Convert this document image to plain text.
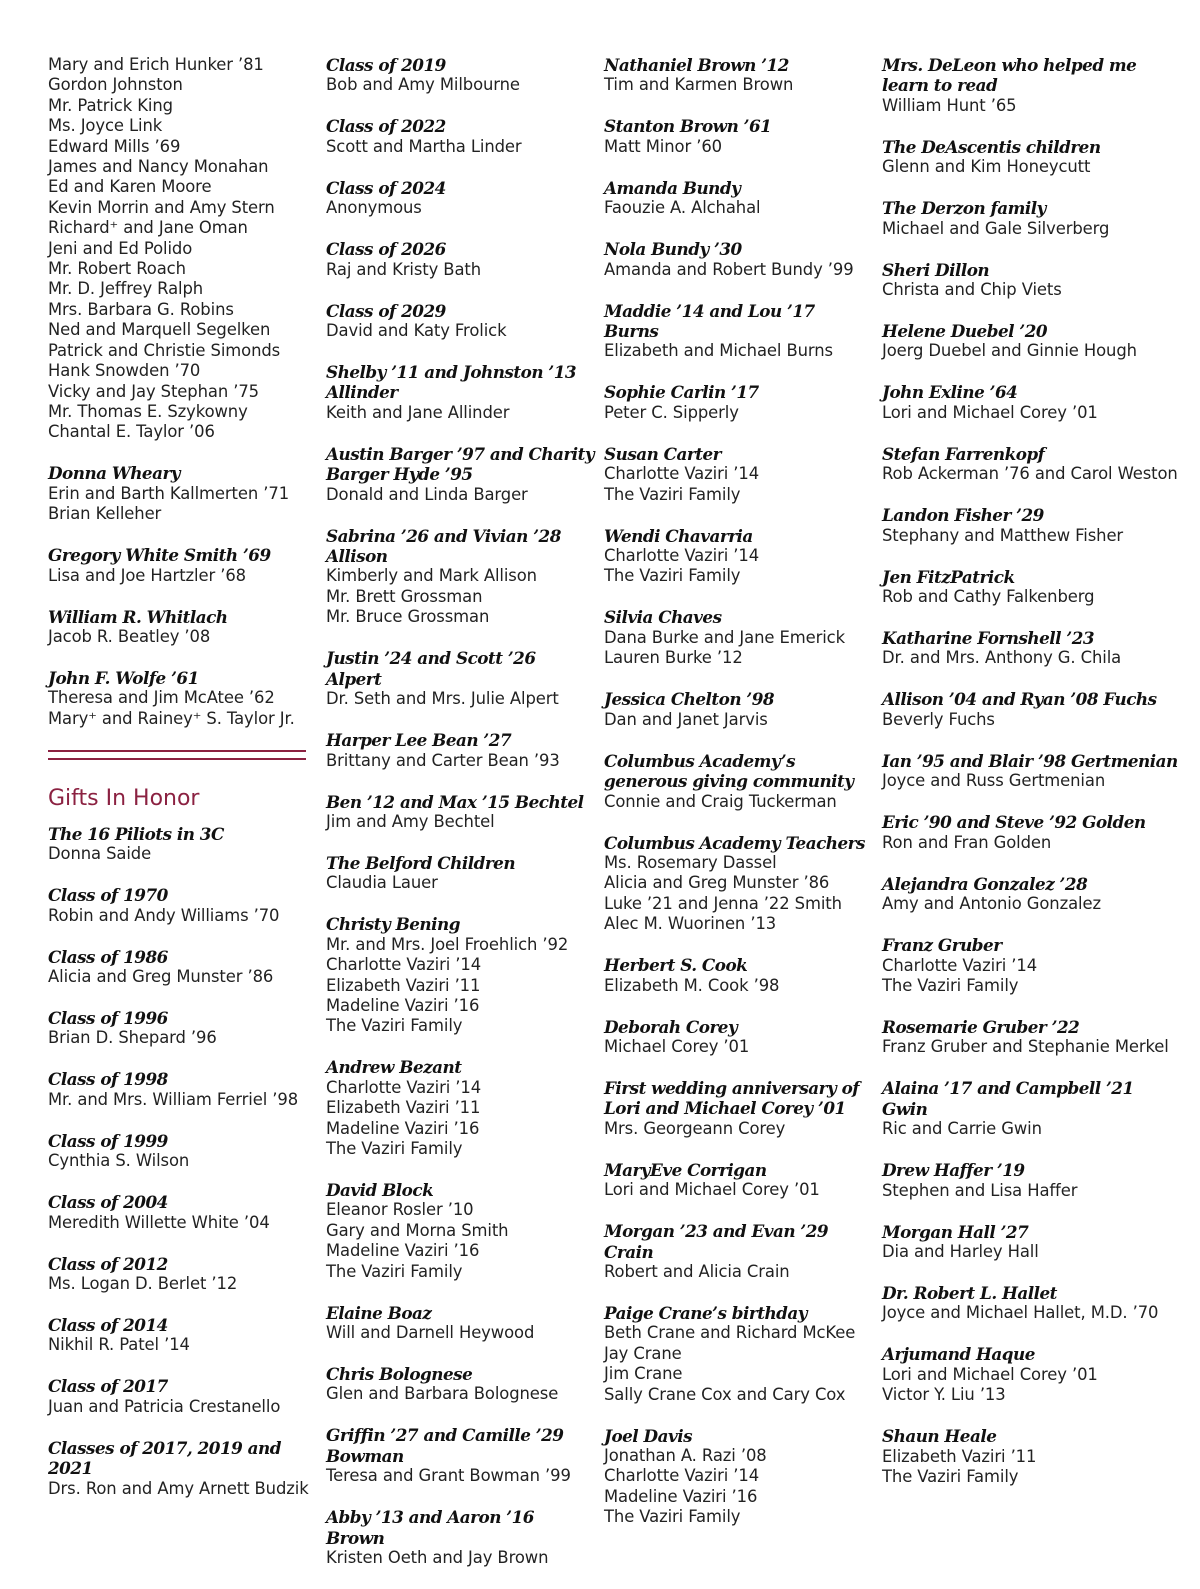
Mary and Erich Hunker ’81
Gordon Johnston
Mr. Patrick King
Ms. Joyce Link
Edward Mills ’69
James and Nancy Monahan
Ed and Karen Moore
Kevin Morrin and Amy Stern
Richard⁺ and Jane Oman
Jeni and Ed Polido
Mr. Robert Roach
Mr. D. Jeffrey Ralph
Mrs. Barbara G. Robins
Ned and Marquell Segelken
Patrick and Christie Simonds
Hank Snowden ’70
Vicky and Jay Stephan ’75
Mr. Thomas E. Szykowny
Chantal E. Taylor ’06
Donna Wheary
Erin and Barth Kallmerten ’71
Brian Kelleher
Gregory White Smith ’69
Lisa and Joe Hartzler ’68
William R. Whitlach
Jacob R. Beatley ’08
John F. Wolfe ’61
Theresa and Jim McAtee ’62
Mary⁺ and Rainey⁺ S. Taylor Jr.
Gifts In Honor
The 16 Piliots in 3C
Donna Saide
Class of 1970
Robin and Andy Williams ’70
Class of 1986
Alicia and Greg Munster ’86
Class of 1996
Brian D. Shepard ’96
Class of 1998
Mr. and Mrs. William Ferriel ’98
Class of 1999
Cynthia S. Wilson
Class of 2004
Meredith Willette White ’04
Class of 2012
Ms. Logan D. Berlet ’12
Class of 2014
Nikhil R. Patel ’14
Class of 2017
Juan and Patricia Crestanello
Classes of 2017, 2019 and 2021
Drs. Ron and Amy Arnett Budzik
Class of 2019
Bob and Amy Milbourne
Class of 2022
Scott and Martha Linder
Class of 2024
Anonymous
Class of 2026
Raj and Kristy Bath
Class of 2029
David and Katy Frolick
Shelby ’11 and Johnston ’13 Allinder
Keith and Jane Allinder
Austin Barger ’97 and Charity Barger Hyde ’95
Donald and Linda Barger
Sabrina ’26 and Vivian ’28 Allison
Kimberly and Mark Allison
Mr. Brett Grossman
Mr. Bruce Grossman
Justin ’24 and Scott ’26 Alpert
Dr. Seth and Mrs. Julie Alpert
Harper Lee Bean ’27
Brittany and Carter Bean ’93
Ben ’12 and Max ’15 Bechtel
Jim and Amy Bechtel
The Belford Children
Claudia Lauer
Christy Bening
Mr. and Mrs. Joel Froehlich ’92
Charlotte Vaziri ’14
Elizabeth Vaziri ’11
Madeline Vaziri ’16
The Vaziri Family
Andrew Bezant
Charlotte Vaziri ’14
Elizabeth Vaziri ’11
Madeline Vaziri ’16
The Vaziri Family
David Block
Eleanor Rosler ’10
Gary and Morna Smith
Madeline Vaziri ’16
The Vaziri Family
Elaine Boaz
Will and Darnell Heywood
Chris Bolognese
Glen and Barbara Bolognese
Griffin ’27 and Camille ’29 Bowman
Teresa and Grant Bowman ’99
Abby ’13 and Aaron ’16 Brown
Kristen Oeth and Jay Brown
Nathaniel Brown ’12
Tim and Karmen Brown
Stanton Brown ’61
Matt Minor ’60
Amanda Bundy
Faouzie A. Alchahal
Nola Bundy ’30
Amanda and Robert Bundy ’99
Maddie ’14 and Lou ’17 Burns
Elizabeth and Michael Burns
Sophie Carlin ’17
Peter C. Sipperly
Susan Carter
Charlotte Vaziri ’14
The Vaziri Family
Wendi Chavarria
Charlotte Vaziri ’14
The Vaziri Family
Silvia Chaves
Dana Burke and Jane Emerick
Lauren Burke ’12
Jessica Chelton ’98
Dan and Janet Jarvis
Columbus Academy’s generous giving community
Connie and Craig Tuckerman
Columbus Academy Teachers
Ms. Rosemary Dassel
Alicia and Greg Munster ’86
Luke ’21 and Jenna ’22 Smith
Alec M. Wuorinen ’13
Herbert S. Cook
Elizabeth M. Cook ’98
Deborah Corey
Michael Corey ’01
First wedding anniversary of Lori and Michael Corey ’01
Mrs. Georgeann Corey
MaryEve Corrigan
Lori and Michael Corey ’01
Morgan ’23 and Evan ’29 Crain
Robert and Alicia Crain
Paige Crane’s birthday
Beth Crane and Richard McKee
Jay Crane
Jim Crane
Sally Crane Cox and Cary Cox
Joel Davis
Jonathan A. Razi ’08
Charlotte Vaziri ’14
Madeline Vaziri ’16
The Vaziri Family
Mrs. DeLeon who helped me learn to read
William Hunt ’65
The DeAscentis children
Glenn and Kim Honeycutt
The Derzon family
Michael and Gale Silverberg
Sheri Dillon
Christa and Chip Viets
Helene Duebel ’20
Joerg Duebel and Ginnie Hough
John Exline ’64
Lori and Michael Corey ’01
Stefan Farrenkopf
Rob Ackerman ’76 and Carol Weston
Landon Fisher ’29
Stephany and Matthew Fisher
Jen FitzPatrick
Rob and Cathy Falkenberg
Katharine Fornshell ’23
Dr. and Mrs. Anthony G. Chila
Allison ’04 and Ryan ’08 Fuchs
Beverly Fuchs
Ian ’95 and Blair ’98 Gertmenian
Joyce and Russ Gertmenian
Eric ’90 and Steve ’92 Golden
Ron and Fran Golden
Alejandra Gonzalez ’28
Amy and Antonio Gonzalez
Franz Gruber
Charlotte Vaziri ’14
The Vaziri Family
Rosemarie Gruber ’22
Franz Gruber and Stephanie Merkel
Alaina ’17 and Campbell ’21 Gwin
Ric and Carrie Gwin
Drew Haffer ’19
Stephen and Lisa Haffer
Morgan Hall ’27
Dia and Harley Hall
Dr. Robert L. Hallet
Joyce and Michael Hallet, M.D. ’70
Arjumand Haque
Lori and Michael Corey ’01
Victor Y. Liu ’13
Shaun Heale
Elizabeth Vaziri ’11
The Vaziri Family
